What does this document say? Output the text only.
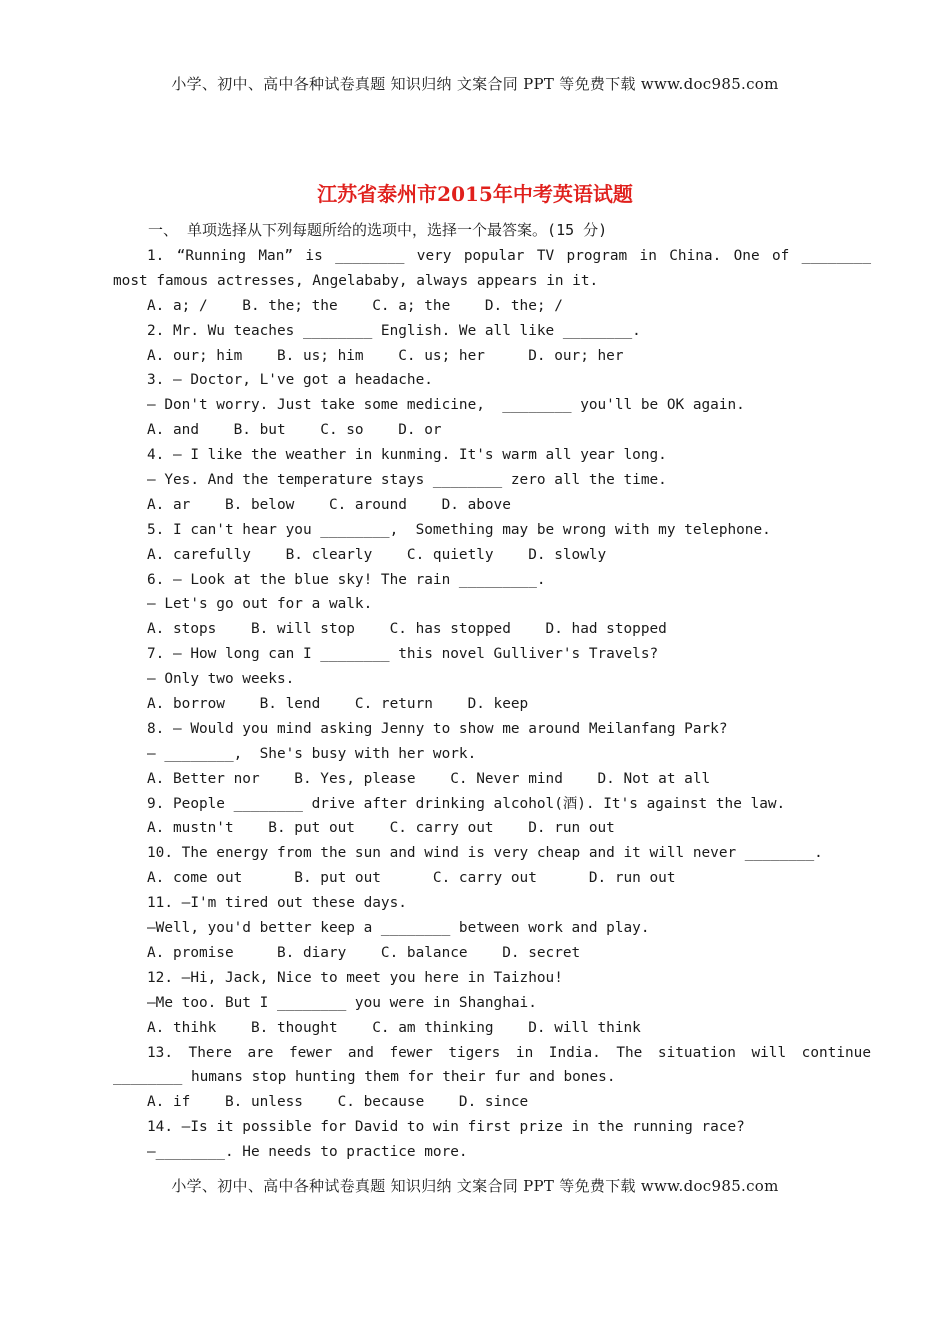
小学、初中、高中各种试卷真题 知识归纳 文案合同 PPT 等免费下载 www.doc985.com
江苏省泰州市2015年中考英语试题
一、 单项选择从下列每题所给的选项中，选择一个最答案。(15 分)
1. “Running Man” is ________ very popular TV program in China. One of ________
most famous actresses, Angelababy, always appears in it.
A. a; /    B. the; the    C. a; the    D. the; /
2. Mr. Wu teaches ________ English. We all like ________.
A. our; him    B. us; him    C. us; her     D. our; her
3. — Doctor, L've got a headache.
— Don't worry. Just take some medicine,  ________ you'll be OK again.
A. and    B. but    C. so    D. or
4. — I like the weather in kunming. It's warm all year long.
— Yes. And the temperature stays ________ zero all the time.
A. ar    B. below    C. around    D. above
5. I can't hear you ________,  Something may be wrong with my telephone.
A. carefully    B. clearly    C. quietly    D. slowly
6. — Look at the blue sky! The rain _________.
— Let's go out for a walk.
A. stops    B. will stop    C. has stopped    D. had stopped
7. — How long can I ________ this novel Gulliver's Travels?
— Only two weeks.
A. borrow    B. lend    C. return    D. keep
8. — Would you mind asking Jenny to show me around Meilanfang Park?
— ________,  She's busy with her work.
A. Better nor    B. Yes, please    C. Never mind    D. Not at all
9. People ________ drive after drinking alcohol(酒). It's against the law.
A. mustn't    B. put out    C. carry out    D. run out
10. The energy from the sun and wind is very cheap and it will never ________.
A. come out      B. put out      C. carry out      D. run out
11. —I'm tired out these days.
—Well, you'd better keep a ________ between work and play.
A. promise     B. diary    C. balance    D. secret
12. —Hi, Jack, Nice to meet you here in Taizhou!
—Me too. But I ________ you were in Shanghai.
A. thihk    B. thought    C. am thinking    D. will think
13. There are fewer and fewer tigers in India. The situation will continue
________ humans stop hunting them for their fur and bones.
A. if    B. unless    C. because    D. since
14. —Is it possible for David to win first prize in the running race?
—________. He needs to practice more.
小学、初中、高中各种试卷真题 知识归纳 文案合同 PPT 等免费下载 www.doc985.com
